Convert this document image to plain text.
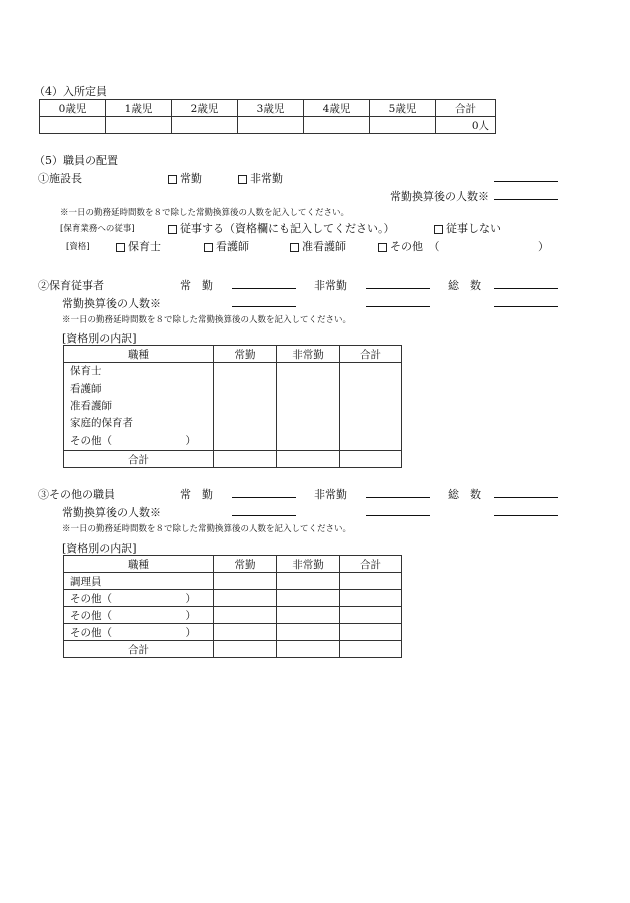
（4）入所定員
0歳児	1歳児	2歳児	3歳児	4歳児	5歳児	合計
						0人
（5）職員の配置
①施設長	常勤	非常勤
常勤換算後の人数※
※一日の勤務延時間数を８で除した常勤換算後の人数を記入してください。
[保育業務への従事]	従事する（資格欄にも記入してください。）	従事しない
[資格]	保育士	看護師	准看護師	その他　（	）
②保育従事者	常　勤	非常勤	総　数
常勤換算後の人数※
※一日の勤務延時間数を８で除した常勤換算後の人数を記入してください。
[資格別の内訳]
職種	常勤	非常勤	合計

保育士
看護師
准看護師
家庭的保育者
その他（　　　　　　　）			

合計			
③その他の職員	常　勤	非常勤	総　数
常勤換算後の人数※
※一日の勤務延時間数を８で除した常勤換算後の人数を記入してください。
[資格別の内訳]
職種	常勤	非常勤	合計
調理員			
その他（　　　　　　　）			
その他（　　　　　　　）			
その他（　　　　　　　）			
合計			
